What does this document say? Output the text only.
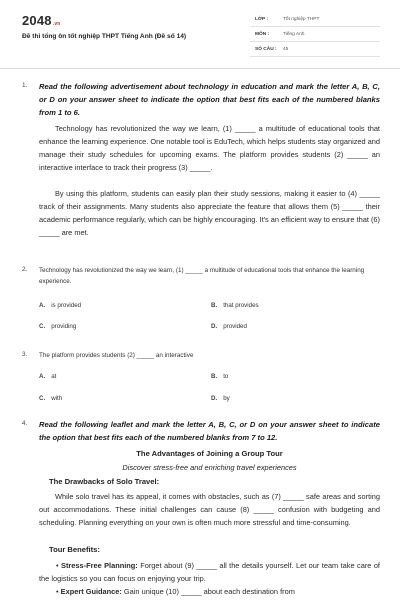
2048.vn
Đề thi tổng ôn tốt nghiệp THPT Tiếng Anh (Đề số 14)
LỚP :	Tốt nghiệp THPT
MÔN :	Tiếng Anh
SỐ CÂU : 45
1. Read the following advertisement about technology in education and mark the letter A, B, C, or D on your answer sheet to indicate the option that best fits each of the numbered blanks from 1 to 6.
Technology has revolutionized the way we learn, (1) _____ a multitude of educational tools that enhance the learning experience. One notable tool is EduTech, which helps students stay organized and manage their study schedules for upcoming exams. The platform provides students (2) _____ an interactive interface to track their progress (3) _____.
By using this platform, students can easily plan their study sessions, making it easier to (4) _____ track of their assignments. Many students also appreciate the feature that allows them (5) _____ their academic performance regularly, which can be highly encouraging. It's an efficient way to ensure that (6) _____ are met.
2. Technology has revolutionized the way we learn, (1) _____ a multitude of educational tools that enhance the learning experience.
A. is provided	B. that provides
C. providing	D. provided
3. The platform provides students (2) _____ an interactive
A. at	B. to
C. with	D. by
4. Read the following leaflet and mark the letter A, B, C, or D on your answer sheet to indicate the option that best fits each of the numbered blanks from 7 to 12.
The Advantages of Joining a Group Tour
Discover stress-free and enriching travel experiences
The Drawbacks of Solo Travel:
While solo travel has its appeal, it comes with obstacles, such as (7) _____ safe areas and sorting out accommodations. These initial challenges can cause (8) _____ confusion with budgeting and scheduling. Planning everything on your own is often much more stressful and time-consuming.
Tour Benefits:
• Stress-Free Planning: Forget about (9) _____ all the details yourself. Let our team take care of the logistics so you can focus on enjoying your trip.
• Expert Guidance: Gain unique (10) _____ about each destination from
